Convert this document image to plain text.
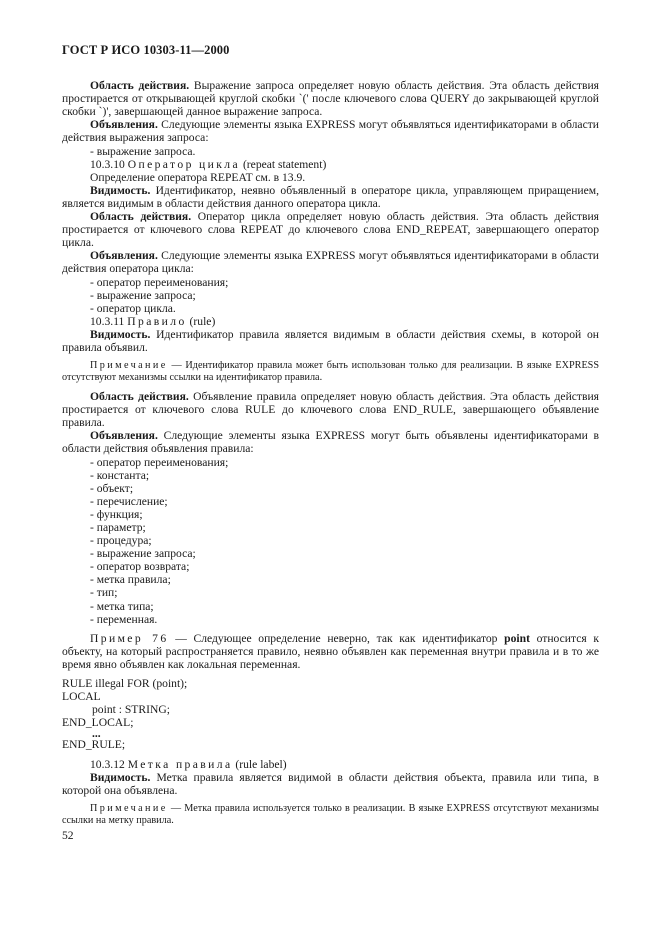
ГОСТ Р ИСО 10303-11—2000

Область действия. Выражение запроса определяет новую область действия. Эта область действия простирается от открывающей круглой скобки `(' после ключевого слова QUERY до закрывающей круглой скобки `)', завершающей данное выражение запроса.

Объявления. Следующие элементы языка EXPRESS могут объявляться идентификаторами в области действия выражения запроса:

- выражение запроса.

10.3.10 Оператор цикла (repeat statement)

Определение оператора REPEAT см. в 13.9.

Видимость. Идентификатор, неявно объявленный в операторе цикла, управляющем приращением, является видимым в области действия данного оператора цикла.

Область действия. Оператор цикла определяет новую область действия. Эта область действия простирается от ключевого слова REPEAT до ключевого слова END_REPEAT, завершающего оператор цикла.

Объявления. Следующие элементы языка EXPRESS могут объявляться идентификаторами в области действия оператора цикла:

- оператор переименования;

- выражение запроса;

- оператор цикла.

10.3.11 Правило (rule)

Видимость. Идентификатор правила является видимым в области действия схемы, в которой он правила объявил.

Примечание — Идентификатор правила может быть использован только для реализации. В языке EXPRESS отсутствуют механизмы ссылки на идентификатор правила.

Область действия. Объявление правила определяет новую область действия. Эта область действия простирается от ключевого слова RULE до ключевого слова END_RULE, завершающего объявление правила.

Объявления. Следующие элементы языка EXPRESS могут быть объявлены идентификаторами в области действия объявления правила:

- оператор переименования;

- константа;

- объект;

- перечисление;

- функция;

- параметр;

- процедура;

- выражение запроса;

- оператор возврата;

- метка правила;

- тип;

- метка типа;

- переменная.

Пример 76 — Следующее определение неверно, так как идентификатор point относится к объекту, на который распространяется правило, неявно объявлен как переменная внутри правила и в то же время явно объявлен как локальная переменная.

RULE illegal FOR (point);

LOCAL

point : STRING;

END_LOCAL;

...

END_RULE;

10.3.12 Метка правила (rule label)

Видимость. Метка правила является видимой в области действия объекта, правила или типа, в которой она объявлена.

Примечание — Метка правила используется только в реализации. В языке EXPRESS отсутствуют механизмы ссылки на метку правила.

52
